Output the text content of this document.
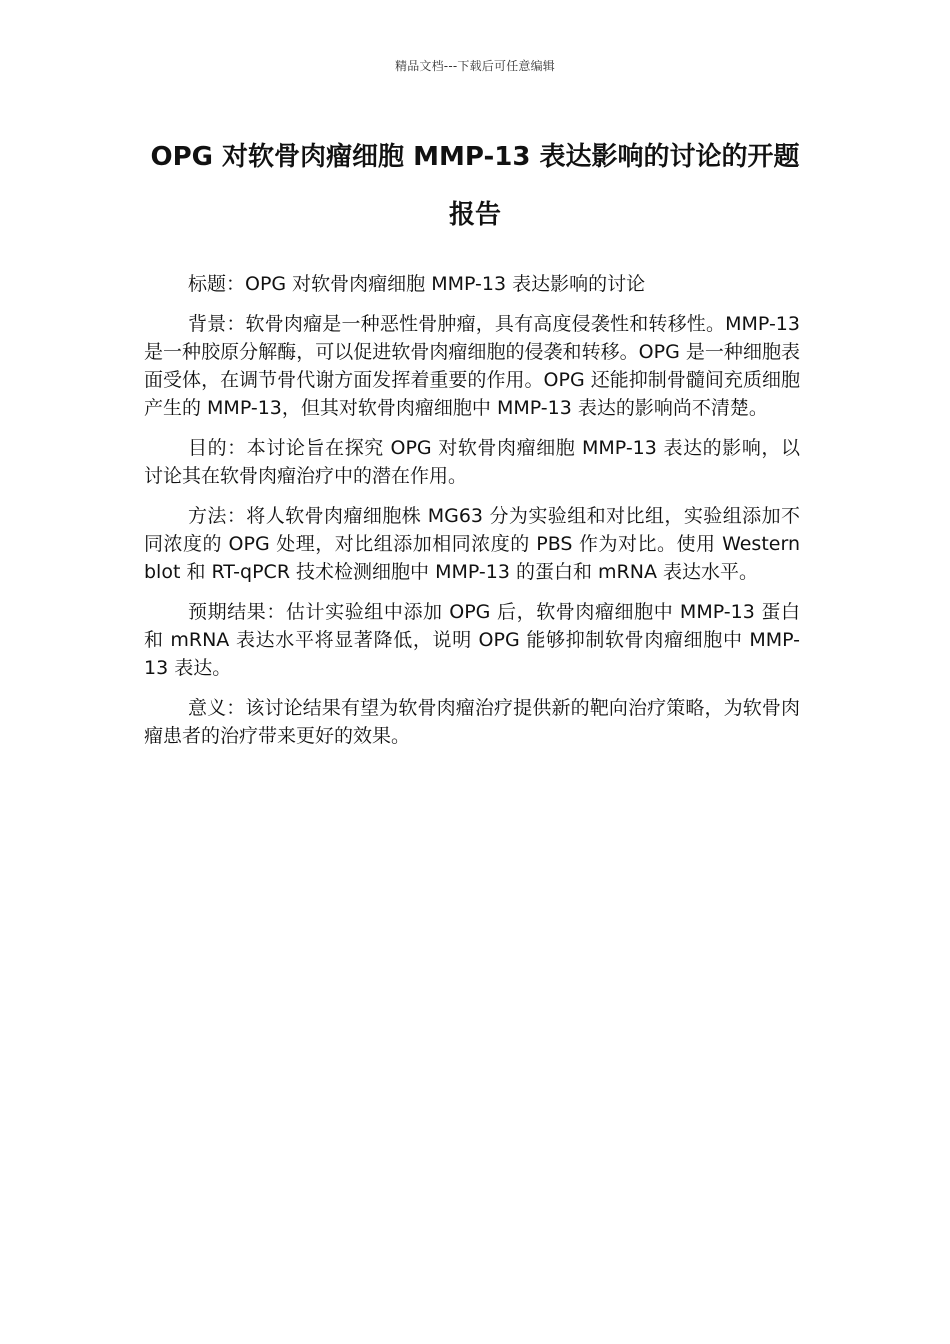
精品文档---下载后可任意编辑
OPG 对软骨肉瘤细胞 MMP-13 表达影响的讨论的开题报告

标题：OPG 对软骨肉瘤细胞 MMP-13 表达影响的讨论

背景：软骨肉瘤是一种恶性骨肿瘤，具有高度侵袭性和转移性。MMP-13 是一种胶原分解酶，可以促进软骨肉瘤细胞的侵袭和转移。OPG 是一种细胞表面受体，在调节骨代谢方面发挥着重要的作用。OPG 还能抑制骨髓间充质细胞产生的 MMP-13，但其对软骨肉瘤细胞中 MMP-13 表达的影响尚不清楚。

目的：本讨论旨在探究 OPG 对软骨肉瘤细胞 MMP-13 表达的影响，以讨论其在软骨肉瘤治疗中的潜在作用。

方法：将人软骨肉瘤细胞株 MG63 分为实验组和对比组，实验组添加不同浓度的 OPG 处理，对比组添加相同浓度的 PBS 作为对比。使用 Western blot 和 RT-qPCR 技术检测细胞中 MMP-13 的蛋白和 mRNA 表达水平。

预期结果：估计实验组中添加 OPG 后，软骨肉瘤细胞中 MMP-13 蛋白和 mRNA 表达水平将显著降低，说明 OPG 能够抑制软骨肉瘤细胞中 MMP-13 表达。

意义：该讨论结果有望为软骨肉瘤治疗提供新的靶向治疗策略，为软骨肉瘤患者的治疗带来更好的效果。
